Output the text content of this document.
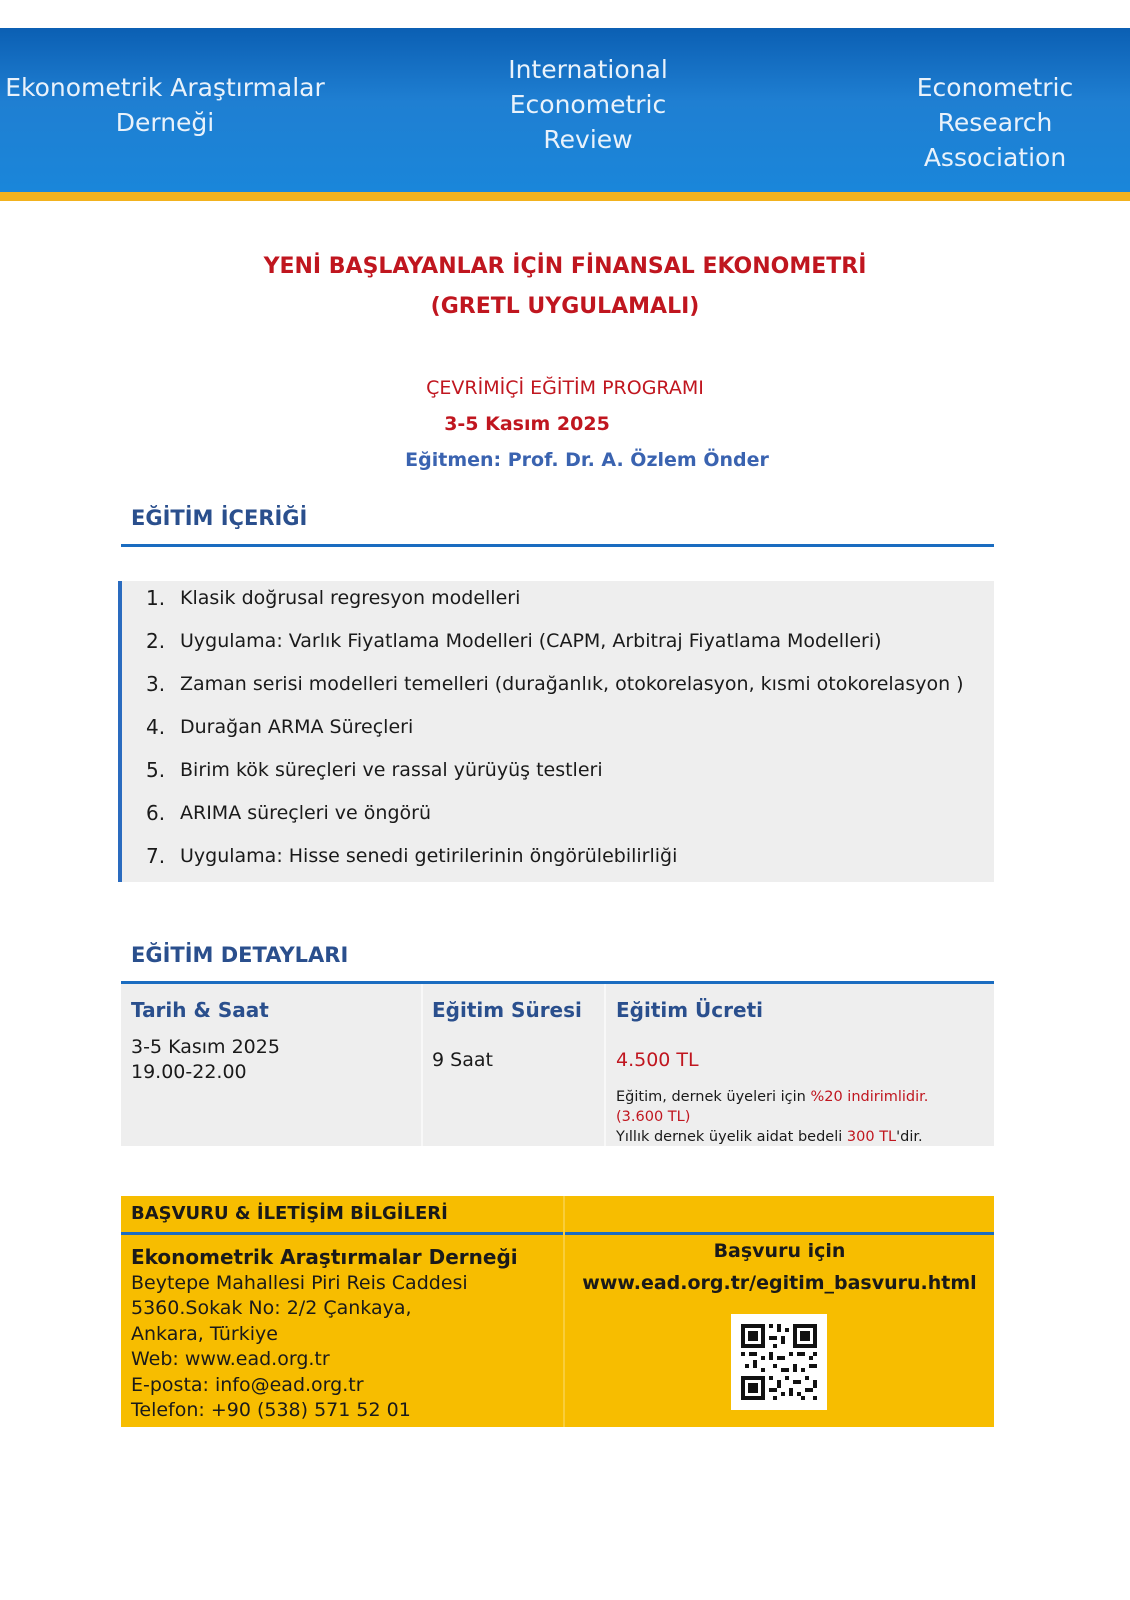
Ekonometrik Araştırmalar
Derneği
International
Econometric
Review
Econometric Research
Association
YENİ BAŞLAYANLAR İÇİN FİNANSAL EKONOMETRİ
(GRETL UYGULAMALI)
ÇEVRİMİÇİ EĞİTİM PROGRAMI
3-5 Kasım 2025
Eğitmen: Prof. Dr. A. Özlem Önder
EĞİTİM İÇERİĞİ
1. Klasik doğrusal regresyon modelleri
2. Uygulama: Varlık Fiyatlama Modelleri (CAPM, Arbitraj Fiyatlama Modelleri)
3. Zaman serisi modelleri temelleri (durağanlık, otokorelasyon, kısmi otokorelasyon )
4. Durağan ARMA Süreçleri
5. Birim kök süreçleri ve rassal yürüyüş testleri
6. ARIMA süreçleri ve öngörü
7. Uygulama: Hisse senedi getirilerinin öngörülebilirliği
EĞİTİM DETAYLARI
Tarih & Saat
3-5 Kasım 2025
19.00-22.00
Eğitim Süresi
9 Saat
Eğitim Ücreti
4.500 TL
Eğitim, dernek üyeleri için %20 indirimlidir.
(3.600 TL)
Yıllık dernek üyelik aidat bedeli 300 TL'dir.
BAŞVURU & İLETİŞİM BİLGİLERİ
Ekonometrik Araştırmalar Derneği
Beytepe Mahallesi Piri Reis Caddesi
5360.Sokak No: 2/2 Çankaya,
Ankara, Türkiye
Web: www.ead.org.tr
E-posta: info@ead.org.tr
Telefon: +90 (538) 571 52 01
Başvuru için
www.ead.org.tr/egitim_basvuru.html
